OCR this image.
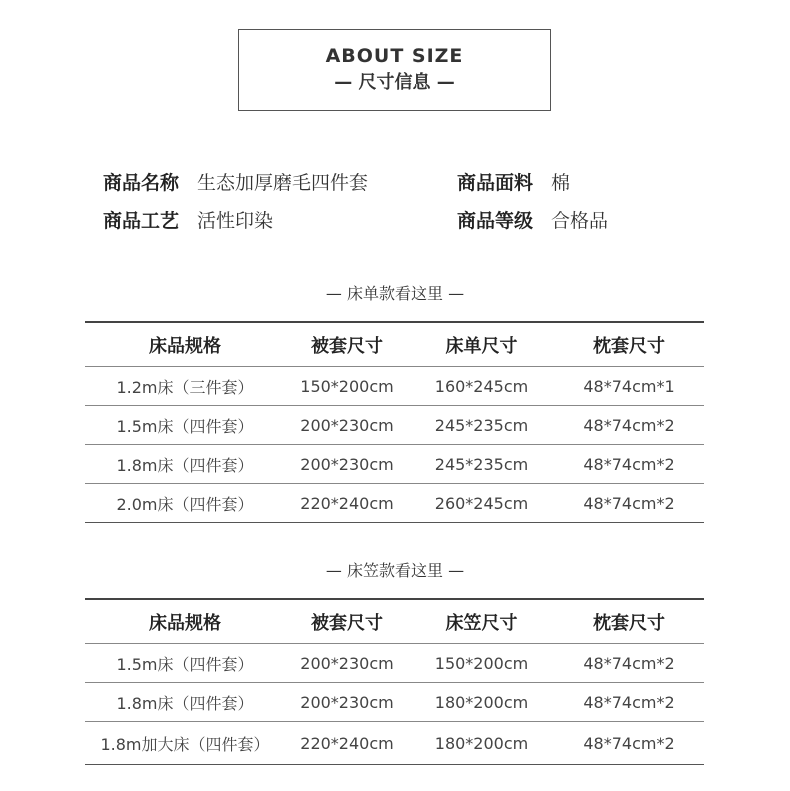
ABOUT SIZE
— 尺寸信息 —
商品名称 生态加厚磨毛四件套	商品面料 棉
商品工艺 活性印染	商品等级 合格品
— 床单款看这里 —
床品规格	被套尺寸	床单尺寸	枕套尺寸
1.2m床（三件套）	150*200cm	160*245cm	48*74cm*1
1.5m床（四件套）	200*230cm	245*235cm	48*74cm*2
1.8m床（四件套）	200*230cm	245*235cm	48*74cm*2
2.0m床（四件套）	220*240cm	260*245cm	48*74cm*2
— 床笠款看这里 —
床品规格	被套尺寸	床笠尺寸	枕套尺寸
1.5m床（四件套）	200*230cm	150*200cm	48*74cm*2
1.8m床（四件套）	200*230cm	180*200cm	48*74cm*2
1.8m加大床（四件套）	220*240cm	180*200cm	48*74cm*2
